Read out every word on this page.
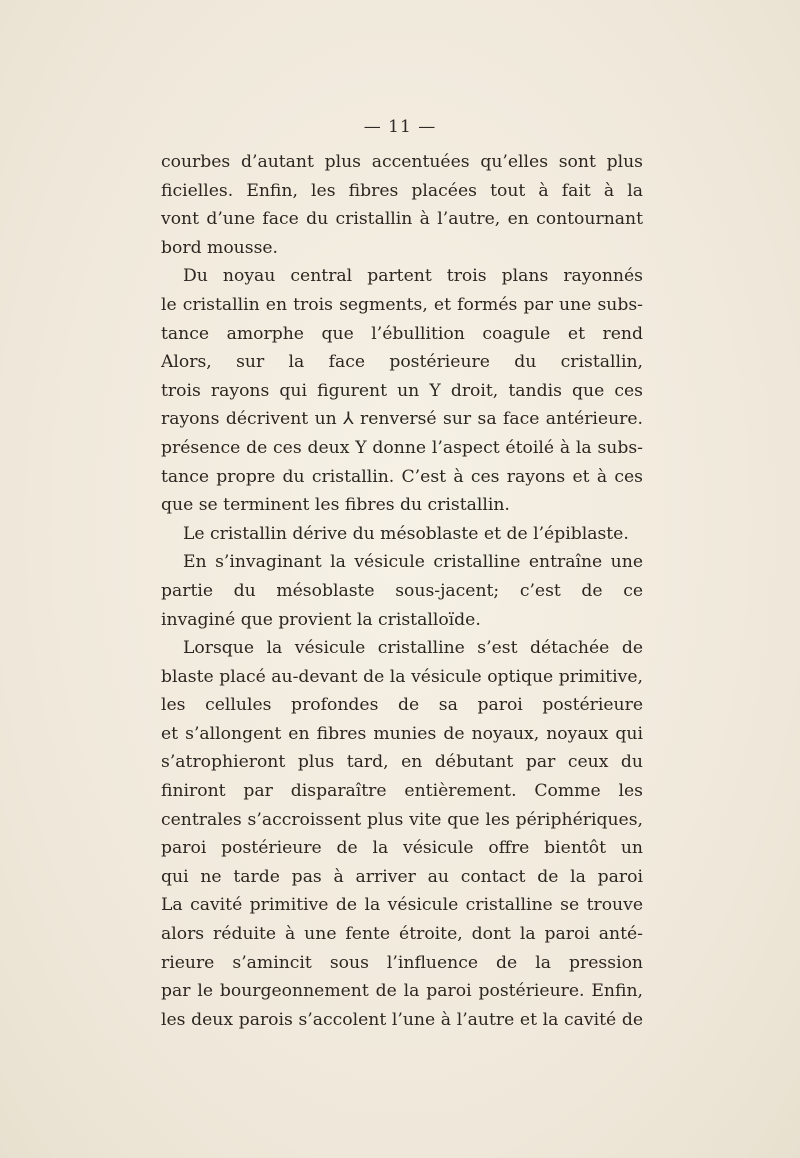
— 11 —
courbes d’autant plus accentuées qu’elles sont plus
ficielles. Enfin, les fibres placées tout à fait à la
vont d’une face du cristallin à l’autre, en contournant
bord mousse.
Du noyau central partent trois plans rayonnés
le cristallin en trois segments, et formés par une subs-
tance amorphe que l’ébullition coagule et rend
Alors, sur la face postérieure du cristallin,
trois rayons qui figurent un Y droit, tandis que ces
rayons décrivent un ⅄ renversé sur sa face antérieure.
présence de ces deux Y donne l’aspect étoilé à la subs-
tance propre du cristallin. C’est à ces rayons et à ces
que se terminent les fibres du cristallin.
Le cristallin dérive du mésoblaste et de l’épiblaste.
En s’invaginant la vésicule cristalline entraîne une
partie du mésoblaste sous-jacent; c’est de ce
invaginé que provient la cristalloïde.
Lorsque la vésicule cristalline s’est détachée de
blaste placé au-devant de la vésicule optique primitive,
les cellules profondes de sa paroi postérieure
et s’allongent en fibres munies de noyaux, noyaux qui
s’atrophieront plus tard, en débutant par ceux du
finiront par disparaître entièrement. Comme les
centrales s’accroissent plus vite que les périphériques,
paroi postérieure de la vésicule offre bientôt un
qui ne tarde pas à arriver au contact de la paroi
La cavité primitive de la vésicule cristalline se trouve
alors réduite à une fente étroite, dont la paroi anté-
rieure s’amincit sous l’influence de la pression
par le bourgeonnement de la paroi postérieure. Enfin,
les deux parois s’accolent l’une à l’autre et la cavité de
